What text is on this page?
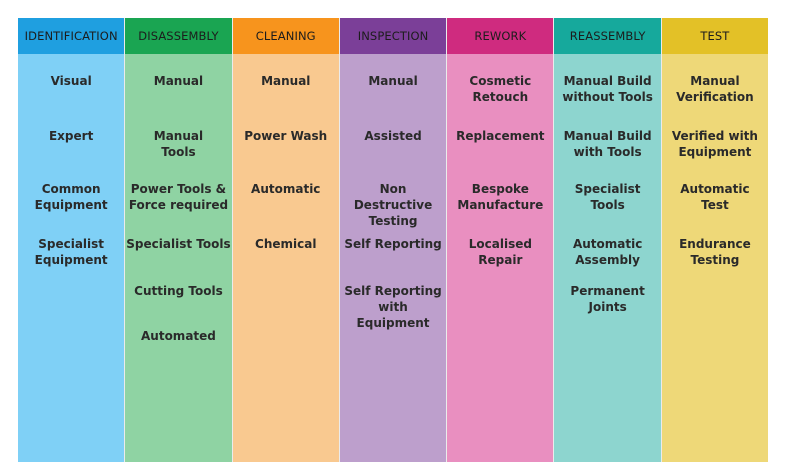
IDENTIFICATION
Visual
Expert
Common
Equipment
Specialist
Equipment
DISASSEMBLY
Manual
Manual
Tools
Power Tools &
Force required
Specialist Tools
Cutting Tools
Automated
CLEANING
Manual
Power Wash
Automatic
Chemical
INSPECTION
Manual
Assisted
Non Destructive
Testing
Self Reporting
Self Reporting
with Equipment
REWORK
Cosmetic
Retouch
Replacement
Bespoke
Manufacture
Localised
Repair
REASSEMBLY
Manual Build
without Tools
Manual Build
with Tools
Specialist
Tools
Automatic
Assembly
Permanent
Joints
TEST
Manual
Verification
Verified with
Equipment
Automatic
Test
Endurance
Testing
